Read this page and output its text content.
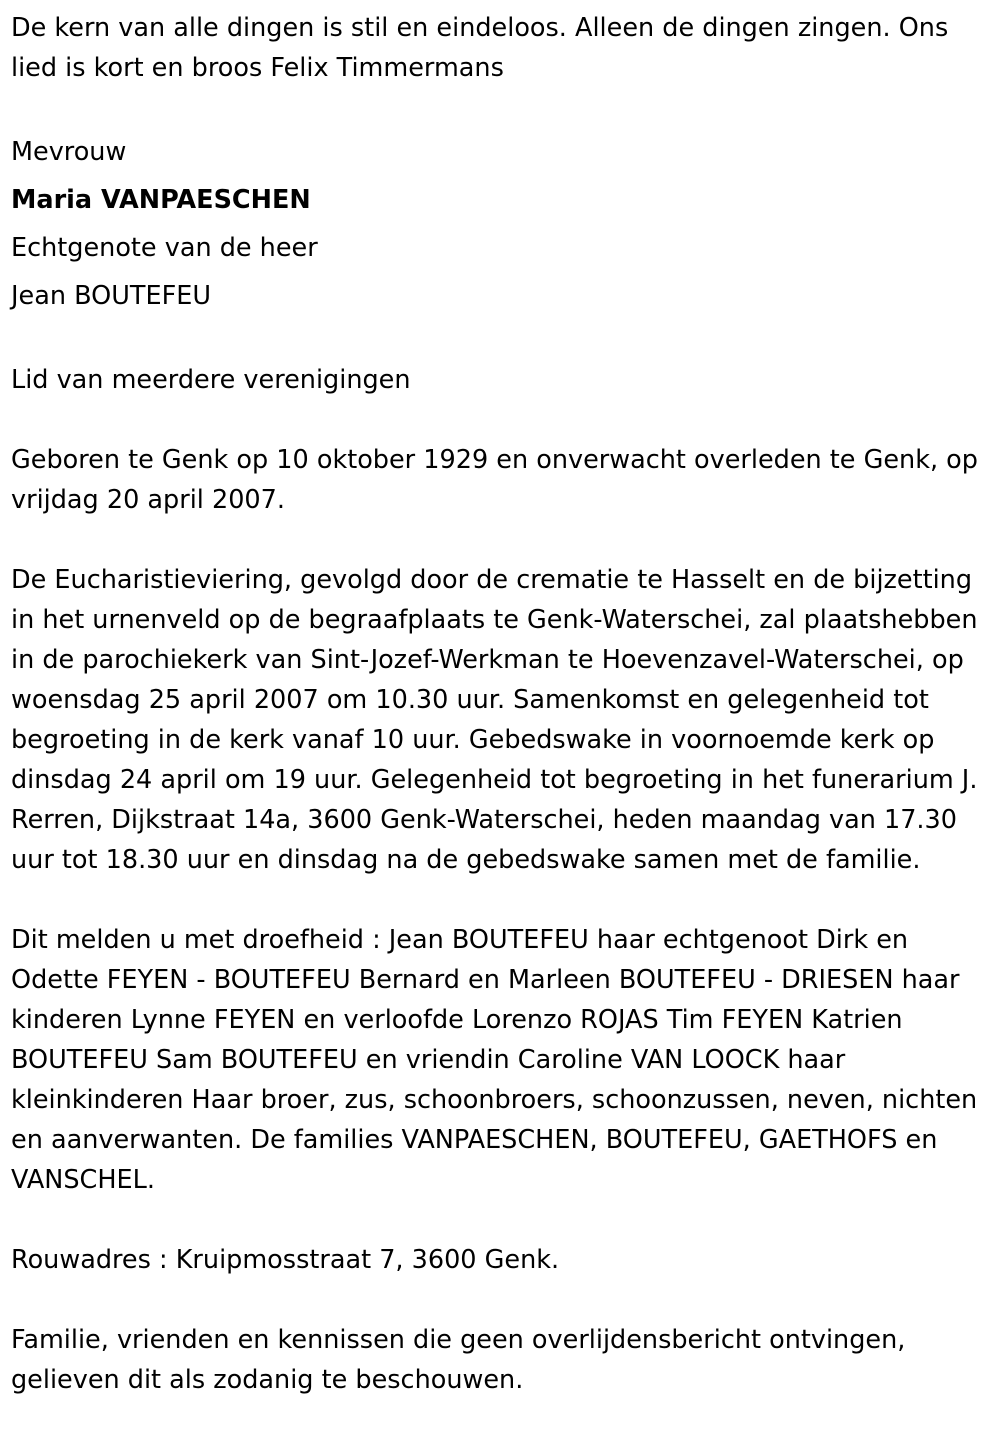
De kern van alle dingen is stil en eindeloos. Alleen de dingen zingen. Ons lied is kort en broos Felix Timmermans

Mevrouw

Maria VANPAESCHEN

Echtgenote van de heer

Jean BOUTEFEU

Lid van meerdere verenigingen

Geboren te Genk op 10 oktober 1929 en onverwacht overleden te Genk, op vrijdag 20 april 2007.

De Eucharistieviering, gevolgd door de crematie te Hasselt en de bijzetting in het urnenveld op de begraafplaats te Genk-Waterschei, zal plaatshebben in de parochiekerk van Sint-Jozef-Werkman te Hoevenzavel-Waterschei, op woensdag 25 april 2007 om 10.30 uur. Samenkomst en gelegenheid tot begroeting in de kerk vanaf 10 uur. Gebedswake in voornoemde kerk op dinsdag 24 april om 19 uur. Gelegenheid tot begroeting in het funerarium J. Rerren, Dijkstraat 14a, 3600 Genk-Waterschei, heden maandag van 17.30 uur tot 18.30 uur en dinsdag na de gebedswake samen met de familie.

Dit melden u met droefheid : Jean BOUTEFEU haar echtgenoot Dirk en Odette FEYEN - BOUTEFEU Bernard en Marleen BOUTEFEU - DRIESEN haar kinderen Lynne FEYEN en verloofde Lorenzo ROJAS Tim FEYEN Katrien BOUTEFEU Sam BOUTEFEU en vriendin Caroline VAN LOOCK haar kleinkinderen Haar broer, zus, schoonbroers, schoonzussen, neven, nichten en aanverwanten. De families VANPAESCHEN, BOUTEFEU, GAETHOFS en VANSCHEL.

Rouwadres : Kruipmosstraat 7, 3600 Genk.

Familie, vrienden en kennissen die geen overlijdensbericht ontvingen, gelieven dit als zodanig te beschouwen.
